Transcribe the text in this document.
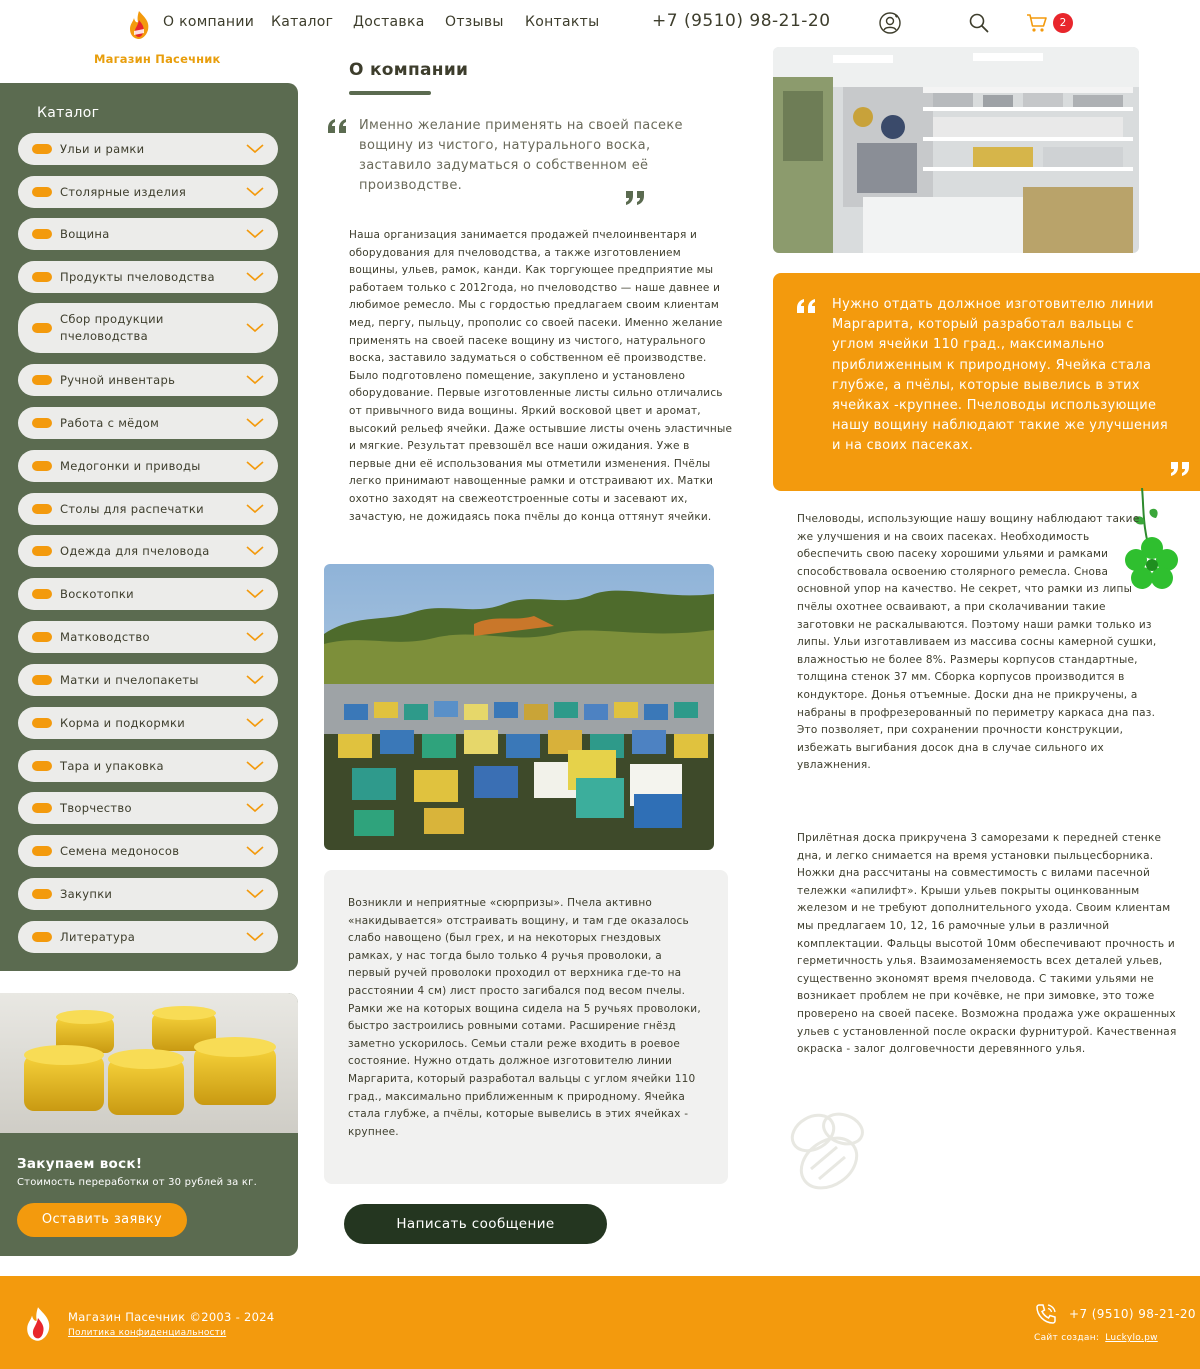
Магазин Пасечник
О компании Каталог Доставка Отзывы Контакты	+7 (9510) 98-21-20	2
Каталог
Ульи и рамки
Столярные изделия
Вощина
Продукты пчеловодства
Сбор продукции пчеловодства
Ручной инвентарь
Работа с мёдом
Медогонки и приводы
Столы для распечатки
Одежда для пчеловода
Воскотопки
Матководство
Матки и пчелопакеты
Корма и подкормки
Тара и упаковка
Творчество
Семена медоносов
Закупки
Литература
Закупаем воск!
Стоимость переработки от 30 рублей за кг.
Оставить заявку
О компании
Именно желание применять на своей пасеке вощину из чистого, натурального воска, заставило задуматься о собственном её производстве.

Наша организация занимается продажей пчелоинвентаря и оборудования для пчеловодства, а также изготовлением вощины, ульев, рамок, канди. Как торгующее предприятие мы работаем только с 2012года, но пчеловодство — наше давнее и любимое ремесло. Мы с гордостью предлагаем своим клиентам мед, пергу, пыльцу, прополис со своей пасеки. Именно желание применять на своей пасеке вощину из чистого, натурального воска, заставило задуматься о собственном её производстве. Было подготовлено помещение, закуплено и установлено оборудование. Первые изготовленные листы сильно отличались от привычного вида вощины. Яркий восковой цвет и аромат, высокий рельеф ячейки. Даже остывшие листы очень эластичные и мягкие. Результат превзошёл все наши ожидания. Уже в первые дни её использования мы отметили изменения. Пчёлы легко принимают навощенные рамки и отстраивают их. Матки охотно заходят на свежеотстроенные соты и засевают их, зачастую, не дожидаясь пока пчёлы до конца оттянут ячейки.

Возникли и неприятные «сюрпризы». Пчела активно «накидывается» отстраивать вощину, и там где оказалось слабо навощено (был грех, и на некоторых гнездовых рамках, у нас тогда было только 4 ручья проволоки, а первый ручей проволоки проходил от верхника где-то на расстоянии 4 см) лист просто загибался под весом пчелы. Рамки же на которых вощина сидела на 5 ручьях проволоки, быстро застроились ровными сотами. Расширение гнёзд заметно ускорилось. Семьи стали реже входить в роевое состояние. Нужно отдать должное изготовителю линии Маргарита, который разработал вальцы с углом ячейки 110 град., максимально приближенным к природному. Ячейка стала глубже, а пчёлы, которые вывелись в этих ячейках - крупнее.

Написать сообщение
Нужно отдать должное изготовителю линии Маргарита, который разработал вальцы с углом ячейки 110 град., максимально приближенным к природному. Ячейка стала глубже, а пчёлы, которые вывелись в этих ячейках -крупнее. Пчеловоды использующие нашу вощину наблюдают такие же улучшения и на своих пасеках.

Пчеловоды, использующие нашу вощину наблюдают такие же улучшения и на своих пасеках. Необходимость обеспечить свою пасеку хорошими ульями и рамками способствовала освоению столярного ремесла. Снова основной упор на качество. Не секрет, что рамки из липы пчёлы охотнее осваивают, а при сколачивании такие заготовки не раскалываются. Поэтому наши рамки только из липы. Ульи изготавливаем из массива сосны камерной сушки, влажностью не более 8%. Размеры корпусов стандартные, толщина стенок 37 мм. Сборка корпусов производится в кондукторе. Донья отъемные. Доски дна не прикручены, а набраны в профрезерованный по периметру каркаса дна паз. Это позволяет, при сохранении прочности конструкции, избежать выгибания досок дна в случае сильного их увлажнения.

Прилётная доска прикручена 3 саморезами к передней стенке дна, и легко снимается на время установки пыльцесборника. Ножки дна рассчитаны на совместимость с вилами пасечной тележки «апилифт». Крыши ульев покрыты оцинкованным железом и не требуют дополнительного ухода. Своим клиентам мы предлагаем 10, 12, 16 рамочные ульи в различной комплектации. Фальцы высотой 10мм обеспечивают прочность и герметичность улья. Взаимозаменяемость всех деталей ульев, существенно экономят время пчеловода. С такими ульями не возникает проблем не при кочёвке, не при зимовке, это тоже проверено на своей пасеке. Возможна продажа уже окрашенных ульев с установленной после окраски фурнитурой. Качественная окраска - залог долговечности деревянного улья.

Магазин Пасечник ©2003 - 2024
Политика конфиденциальности
+7 (9510) 98-21-20
Сайт создан: Luckylo.pw
